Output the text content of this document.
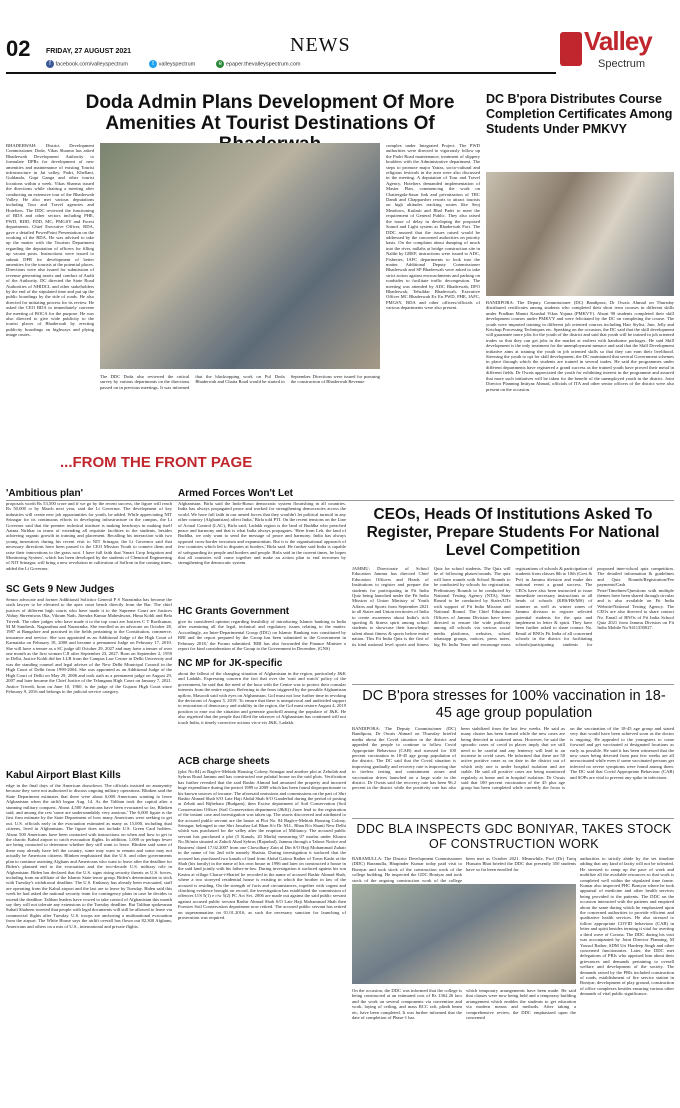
02 FRIDAY, 27 AUGUST 2021	NEWS
f facebook.com/valleyspectrum	t valleyspectrum	e epaper.thevalleyspectrum.com
Valley
Spectrum
Doda Admin Plans Development Of More Amenities At Tourist Destinations Of
BHADERWAH: District Development Commissioner Doda, Vikas Sharma has asked Bhaderwah Development Authority to formulate DPRs for development of new amenities and maintenance of existing Tourist infrastructure in Jai valley, Padri, Khellani, Guldanda, Gupt Ganga and other tourist locations within a week. Vikas Sharma issued the directions while chairing a meeting after conducting an extensive tour of the Bhaderwah Valley. He also met various deputations including Tour and Travel agencies and Hoteliers. The DDC reviewed the functioning of BDA and other sectors including PHE, PWD, RDD, FDD, MC, PMGSY and Forest departments. Chief Executive Officer, BDA, gave a detailed PowerPoint Presentation on the working of the BDA. He was advised to take up the matter with the Tourism Department regarding the deputation of officers for filling up vacant posts. Instructions were issued to submit DPR for development of better amenities for the tourists at the potential places. Directions were also issued for submission of revenue generating assets and conduct of Audit of the Authority. DC directed the State Road Authorities of NHIDCL and other stakeholders by the end of the stipulated time and put up the public hoardings by the side of roads. He also directed for initiating process for its review. He asked the CEO BDA to immediately convene the meeting of BOCA for the purpose. He was also directed to give wide publicity to the tourist places of Bhaderwah by erecting publicity hoardings on highways and plying image routes.
The DDC Doda also reviewed the critical survey by various departments on the directions passed on in previous meetings. It was informed that the blacktopping work on Pul Doda Bhaderwah and Chatta Road would be started in September. Directions were issued for pursuing the construction of Bhaderwah Revenue
complex under Integrated Project. The PWD authorities were directed to vigorously follow up the Padri Road maintenance, treatment of slippery boulders with the Administrative department. The steps to promote major Yatras, socio-cultural and religious festivals in the area were also discussed in the meeting. A deputation of Tour and Travel Agency, Hoteliers demanded implementation of Master Plan, commencing the work on Chattergala-Sasar link and privatization of TRC Dandi and Chapparsher resorts to attract tourists on high altitudes tracking routes like Seoj Meadows, Kailash and Bhal Padri to meet the requirement of General Public. They also raised the issue of delay in developing the proposed Sound and Light system at Bhaderwah Fort. The DDC assured that the issues raised would be addressed by the concerned authorities on priority basis. On the complaint about dumping of muck into the river, nallahs at bridge construction site in Nalthi by GREF, instructions were issued to ADC, Fisheries, IAFC departments to look into the matter. Additional Deputy Commissioner Bhaderwah and SP Bhaderwah were asked to take strict action against encroachments and parking on roadsides to facilitate traffic decongestion. The meeting was attended by ADC Bhaderwah, DFO Bhaderwah, Tehsildar Bhaderwah, Executive Officer MC Bhaderwah Ex En PWD, PHE, IAFC, PMGSY, BDA and other officers/officials of various departments were also present.
DC B'pora Distributes Course Completion Certificates Among Students Under PMKVY
BANDIPORA: The Deputy Commissioner (DC) Bandipora, Dr Owais Ahmad on Thursday distributed certificates among students who completed their short term courses in different skills under Pradhan Mantri Kaushal Vikas Yojana (PMKVY). About 90 students completed their skill development courses under PMKVY and were felicitated by the DC on completing the course. The youth were imparted training in different job oriented courses including Hair Stylist, Jute, Jelly and Ketchup Processing Techniques etc. Speaking on the occasion, the DC said that the skill development will guarantee more jobs for the youth of the district and said that youth will be trained in job oriented trades so that they can get jobs in the market at earliest with handsome packages. He said Skill development is the only treatment for the unemployment menace and said that the Skill Development initiative aims at training the youth in job oriented skills so that they can earn their livelihood. Stressing the youth to opt for skill development, the DC maintained that several Government schemes in place through which the students are trained in several trades. He said the programmes under different departments have registered a grand success as the trained youth have proved their metal in different fields. Dr Owais appreciated the youth for exhibiting interest in the programme and assured that more such initiatives will be taken for the benefit of the unemployed youth in the district. Joint Director Planning Imtiyaz Ahmad, officials of ITA and other senior officers of the district were also present on the occasion.
...FROM THE FRONT PAGE
'Ambitious plan'
proposals worth Rs 53,500 crore and if we go by the recent success, the figure will reach Rs 50,000 cr by March next year, said the Lt Governor. The development of key industries will create new job opportunities for youth, he added. While appreciating NIT Srinagar for its continuous efforts in developing infrastructure in the campus, the Lt Governor said that the premier technical institute is making headways in making itself Aatma Nirbhar in terms of extending all requisite facilities to the students, besides achieving organic growth in training and placement. Recalling his interaction with two young innovators during his recent visit to NIT Srinagar, the Lt Governor said that necessary directions have been passed to the CEO Mission Youth to connect them and raise their innovations to the grass root. I have full faith that 'Smart Crop Irrigation and Monitoring System', which has been developed by the students of Chemical Engineering of NIT Srinagar, will bring a new revolution in cultivation of Saffron in the coming times, added the Lt Governor.
SC Gets 9 New Judges
Senior advocate and former Additional Solicitor General P S Narasimha has become the sixth lawyer to be elevated to the apex court bench directly from the Bar. The chief justices of different high courts who have made it to the Supreme Court are Justices Abhay Shreeniwas Oka, Vikram Nath, Jitendra Kumar Maheshwari, Hima Kohli and Bela Trivedi. The other judges who have made it to the top court are Justices C T Ravikumar, M M Sundresh, Nagarathna and Narasimha. She enrolled as an advocate on October 28, 1987 at Bangalore and practised in the fields pertaining to the Constitution, commerce, insurance and service. She was appointed as an Additional Judge of the High Court of Karnataka on February 18, 2008 and became a permanent Judge on February 17, 2010. She will have a tenure as a SC judge till October 29, 2027 and may have a tenure of over one month as the first woman CJI after September 23, 2027. Born on September 2, 1959 in Delhi, Justice Kohli did her LLB from the Campus Law Centre in Delhi University and was the standing counsel and legal adviser of the New Delhi Municipal Council in the High Court of Delhi from 1999-2004. She was appointed as an Additional Judge of the High Court of Delhi on May 29, 2006 and took oath as a permanent judge on August 29, 2007 and later became the Chief Justice of the Telangana High Court on January 7, 2021. Justice Trivedi, born on June 10, 1960, is the judge of the Gujarat High Court since February 9, 2016 and belongs to the judicial service category.
Kabul Airport Blast Kills
edge in the final days of the American drawdown. The officials insisted on anonymity because they were not authorized to discuss ongoing military operations. Blinken said the State Department estimates that there were about 6,000 Americans wanting to leave Afghanistan when the airlift began Aug. 14. As the Taliban took the capital after a stunning military conquest. About 4,500 Americans have been evacuated so far, Blinken said, and among the rest 'some are understandably very anxious.' The 6,000 figure is the first firm estimate by the State Department of how many Americans were seeking to get out. U.S. officials early in the evacuation estimated as many as 15,000, including dual citizens, lived in Afghanistan. The figure does not include U.S. Green Card holders. About 500 Americans have been contacted with instructions on when and how to get to the chaotic Kabul airport to catch evacuation flights. In addition, 1,000 or perhaps fewer are being contacted to determine whether they still want to leave. Blinken said some of these may already have left the country, some may want to remain and some may not actually be American citizens. Blinken emphasized that the U.S. and other governments plan to continue assisting Afghans and Americans who want to leave after the deadline for Biden's planned end to the evacuation and the two-decade U.S. military role in Afghanistan. Biden has declared that the U.S. signs rising security threats as U.S. forces, including from an affiliate of the Islamic State terror group. Biden's determination to stick with Tuesday's withdrawal deadline. The U.S. Embassy has already been evacuated, staff are operating from the Kabul airport and the last are to leave by Tuesday. Biden said this week he had asked the national security team for contingency plans in case he decides to extend the deadline. Taliban leaders have vowed to take control of Afghanistan this month say they will not tolerate any extensions to the Tuesday deadline. But Taliban spokesman Suhail Shaheen tweeted that people with legal documents will still be allowed to leave via commercial flights after Tuesday. U.S. troops are anchoring a multinational evacuation from the airport. The White House says the airlift overall has flown out 82,300 Afghans, Americans and others on a mix of U.S., international and private flights.
Armed Forces Won't Let
Afghanistan. Birla said the Indo-Russo democratic system flourishing in all countries. India has always propagated peace and worked for strengthening democracies across the world. We have full faith in our armed forces that they wouldn't let political turmoil in any other country (Afghanistan) affect India,' Birla told PTI. On the recent tensions on the Line of Actual Control (LAC), Birla said, Ladakh region is the land of Buddha who preached peace and harmony and that is what India always propagates. 'Here from Leh, the land of Buddha, we only want to send the message of peace and harmony. India has always opposed cross-border terrorism and expansionism. But it is the organisational approach of few countries which led to disputes at borders,' Birla said. He further said India is capable of safeguarding its people and borders and people. Birla said in the current times, he hopes that all countries will come together and make an action plan to end terrorism by strengthening the democratic system.
HC Grants Government
give its considered opinion regarding feasibility of introducing Islamic banking in India after examining all the legal, technical and regulatory issues relating to the matter. Accordingly, an Inter-Departmental Group (IDG) on Islamic Banking was constituted by RBI and the report prepared by the Group has been submitted to the Government in February 2018,' the Forum submitted. 'RBI has also forwarded the Finance Minister a report for kind consideration of the Group to the Government in December, (GNS)
NC MP for JK-specific
about the fallout of the changing situation of Afghanistan in the region, particularly J&K and Ladakh. Expressing concern the fact that over the 'wait and watch' policy of the government, he said that the need of the hour with the Centre was to protect their consular interests from the entire region. Referring to the fears triggered by the possible Afghanistan upflow, Masoodi said with eyes on Afghanistan, GoI must not lose further time in revoking the decisions of August 5, 2019. To ensure that there is unequivocal and undivided support to restoration of democracy and stability in the region, the GoI must restore August 4, 2019 position to ease out the situation and generate goodwill among the populace of J&K. He also regretted that the people that filled the takeover of Afghanistan has continued will not touch India, it timely corrective actions vis-a-vis J&K, Ladakh.
ACB charge sheets
(plot No.84) at Bagh-e-Mehtab Housing Colony Srinagar and another plot at Zeholab and Sybrus Road Jammu and has constructed one palatial house on the said plots. Verification has further revealed that the said Bashir Ahmad had amassed the property and incurred huge expenditure during the period 1989 to 2009 which has been found disproportionate to his known sources of income. The aforesaid omissions and commissions on the part of Shri Bashir Ahmad Shah S/O Late Haji Abdul Shah S/O Ganderbal during the period of posting at Zehab and Bijbehara (Budgam), then Excise department of Soil Conservation (Soil Conservation Officer (Soil Conservation department (J&K)) ,have lead to the registration of the instant case and investigation was taken up. The assets discovered and attributed to the accused public servant are the house at Plot No. 84 Bagh-e-Mehtab Housing Colony, Srinagar, belonged to one Shri Jawahar Lal Bhan S/o Dr. M.L. Bhan R/o Shanti New Delhi which was purchased for the valley after the eruption of Militancy. The accused public servant has purchased a plot (5 Kanals, 20 Marla) measuring 07 marlas under Khasra No.56/min situated at Zaholi Abad Sybrus (Rajanbal), Jammu through a 'Iahoot Notice and Business' dated 17.02.2007 from one Chowdhary Zain ul Din S/O Haji Mohammad Zubair in the name of his 2nd wife namely Shaista. During investigation it surfaced that the accused has purchased two kanals of land from Abdul Gafoor Rather of Town Kashi at the Shah (his family) in the name of his own house in 1996 and later on constructed a house in the said land jointly with his father-in-law. During investigation it surfaced against his son Kasim at village Charar-i-Sharief he recorded in the name of accused Bashir Ahmad Shah, where a two storeyed residential house is existing in which the brother in law of the accused is residing. On the strength of facts and circumstances, together with cogent and clinching evidence brought on record, the investigation has established the commission of offences U/S 5(1) e r/w 5(2) PC Act Svt. 2006 are made out against the said public servant against accused public servant Bashir Ahmad Shah S/O Late Haji Mohammad Shah then Forester Soil Conservation department now retired. The accused public servant has retired on superannuation on 01.01.2016, as such the necessary sanction for launching of prosecution was required.
CEOs, Heads Of Institutions Asked To Register, Prepare Students For National Level Competition
JAMMU: Directorate of School Education Jammu has directed Chief Education Officers and Heads of Institutions to register and prepare the students for participating in Fit India Quiz being launched under the Fit India Mission of Union Ministry of Youth Affairs and Sports from September 2021 in all States and Union territories of India to create awareness about India's rich sporting & fitness spirit among school students to showcase their knowledge, talent about fitness & sports before entire nation. This Fit India Quiz is the first of its kind national level sports and fitness Quiz for school students. The Quiz will be of following phases/rounds. The quiz will have rounds with School Rounds to be conducted by schools for registration, Preliminary Rounds to be conducted by National Testing Agency (NTA), State Round to be conducted by States/UTs with support of Fit India Mission and National Round. The Chief Education Officers of Jammu Division have been directed to ensure the wide publicity among all schools via various social media platforms, websites, school whatsapp groups, notices, press notes, big Fit India Team and encourage mass registrations of schools & participation of students from classes 8th to 10th (Govt & Pvt) in Jammu division and make this national event a grand success. The CEOs have also been instructed to issue immediate necessary instructions to all heads of schools (KBS/HS/MS) of summer as well as winter zones of Jammu division to register selected potential students for the quiz and implement in letter & spirit. They have been further asked to share contact No. Email of BNOs Fit India of all concerned schools in the district for facilitating schools/participating students for proposed inter-school quiz competition. The detailed information & guidelines and Quiz Rounds/Registration/Fee payments/Cash Prize/Timelines/Questions with multiple themes have been shared through circular and is also available on Fit India Website/National Testing Agency. The CEOs are also directed to share contact No. Email of BNOs of Fit India School Quiz 2021 from Jammu Division on Fit India Mobile No 9411350027.
DC B'pora stresses for 100% vaccination in 18-45 age group population
BANDIPORA: The Deputy Commissioner (DC) Bandipora, Dr Owais Ahmad on Thursday briefed media about the Covid situation in the district and appealed the people to continue to follow Covid Appropriate Behaviour (CAB) and stressed for 100 percent vaccination in 18-45 age group population of the district. The DC said that the Covid situation is improving gradually and recovery rate is improving due to tireless testing and containment zones and vaccination drives launched on a large scale in the district. Dr Owais said the recovery rate has been 96.2 percent in the district while the positivity rate has also been stabilized from the last few weeks. He said as many cluster has been formed while the new cases are being detected in scattered areas. However, he said the sporadic cases of covid in places imply that we still need to be careful and any leniency will lead to an increase in covid cases. He informed that there are 50 active positive cases as on date in the district out of which only one is under hospital isolation and are stable. He said all positive cases are being monitored regularly at home and in hospital isolation. Dr Owais said that 100 percent vaccination of the 45 plus age group has been completed while currently the focus is on the vaccination of the 18-45 age group and stated very that would have been achieved soon as the doctor is ongoing. He appealed to the youngsters to come forward and get vaccinated at designated locations as early as possible. He said it has been witnessed that the new cases being detected from past few weeks are all unvaccinated while even if some vaccinated persons get infected no severe symptoms were found among them. The DC said that Covid Appropriate Behaviour (CAB) and SOPs are vital to prevent any spike in infections.
DDC BLA INSPECTS GDC BONIYAR, TAKES STOCK OF CONSTRUCTION WORK
BARAMULLA: The District Development Commissioner (DDC) Baramulla, Bhupinder Kumar today paid visit to Boniyar and took stock of the construction work of the college building. He inspected the GDC Boniyar and took stock of the ongoing construction work of the college
been met as October 2021. Meanwhile, Prof (Dr) Tariq Hussain Bhat briefed the DDC that presently 350 students have so far been enrolled for
On the occasion, the DDC was informed that the college is being constructed at an estimated cost of Rs 1362.26 lacs and the work on several components via convention and work, laying of ceiling, and mass RCC raft, plinth beam etc, have been completed. It was further informed that the date of completion of Phase-1 has
which temporary arrangements have been made. He said that classes were now being held and a temporary building arrangement which enables the students to get education via modern means and methods. After taking a comprehensive review, the DDC emphasized upon the concerned
authorities to strictly abide by the set timeline adding that any kind of laxity will not be tolerated. He stressed to ramp up the pace of work and mobilize all the available resources so that work is completed well within the stipulated time frame. Kumar also inspected PHC Boniyar where he took appraisal of medicine and other health services being provided to the patients. The DDC on the occasion interacted with the patients and enquired about the same during which he emphasized upon the concerned authorities to provide efficient and qualitative health services. He also stressed to follow appropriate COVID behaviour (CAB) in letter and spirit besides terming it vital for averting a third wave of Corona. The DDC during his visit was accompanied by Joint Director Planning, M Yousuf Rather, SDM Uri Hardeep Singh and other concerned functionaries. Later, the DDC met delegations of PRIs who apprised him about their grievances and demands pertaining to overall welfare and development of the society. The demands raised by the PRIs included construction of roads, establishment of fire service station in Boniyar, development of play ground, construction of office complexes besides ensuring various other demands of vital public significance.
